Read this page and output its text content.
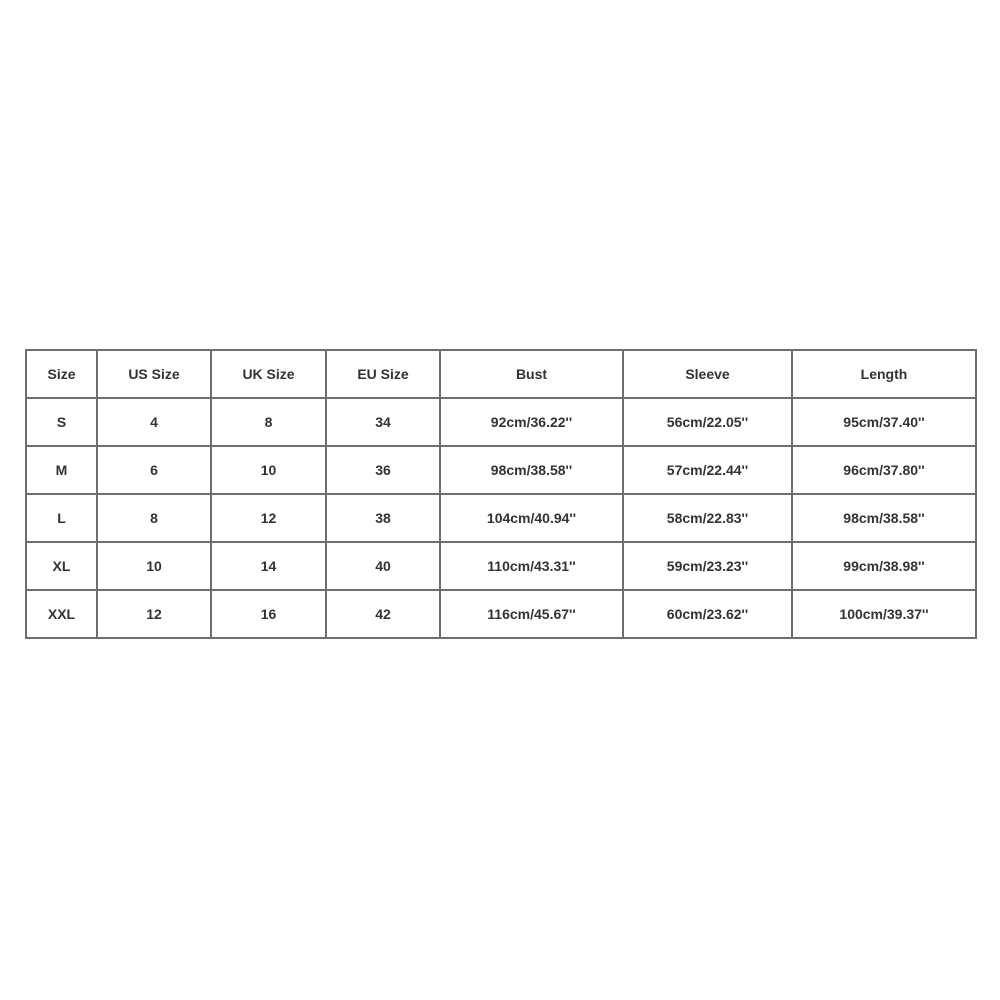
Size	US Size	UK Size	EU Size	Bust	Sleeve	Length
S	4	8	34	92cm/36.22''	56cm/22.05''	95cm/37.40''
M	6	10	36	98cm/38.58''	57cm/22.44''	96cm/37.80''
L	8	12	38	104cm/40.94''	58cm/22.83''	98cm/38.58''
XL	10	14	40	110cm/43.31''	59cm/23.23''	99cm/38.98''
XXL	12	16	42	116cm/45.67''	60cm/23.62''	100cm/39.37''
